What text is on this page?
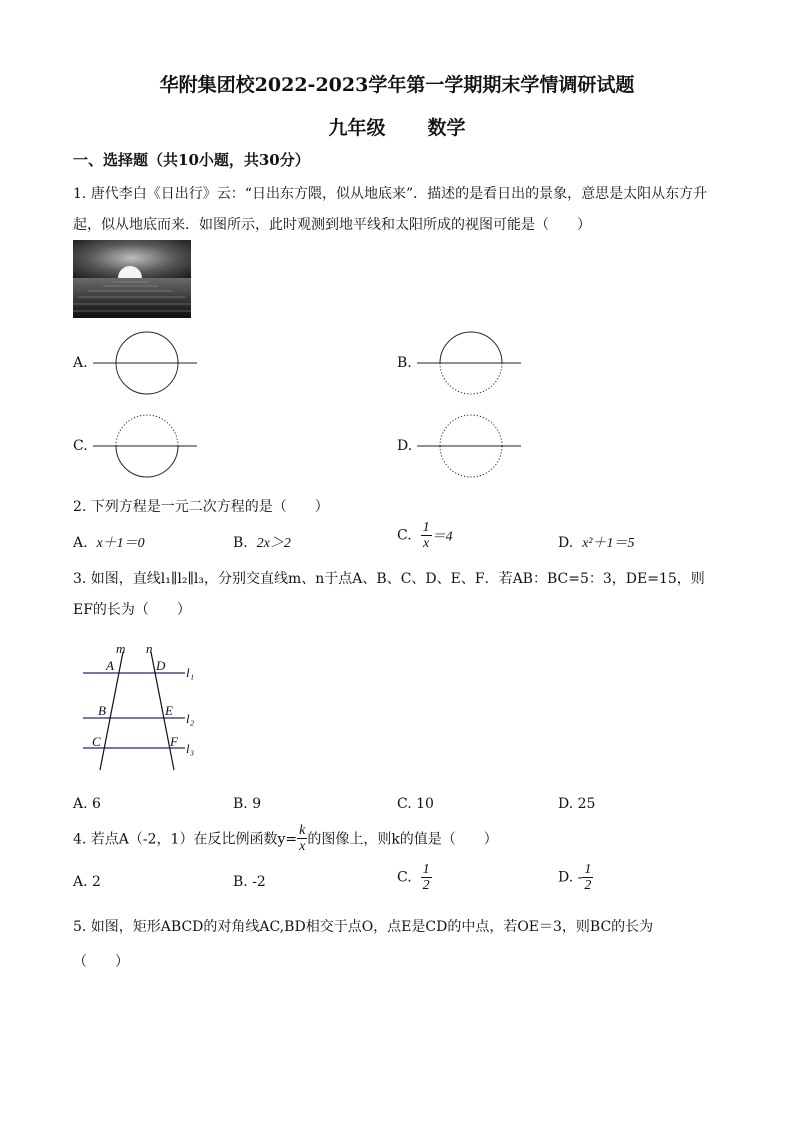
华附集团校2022-2023学年第一学期期末学情调研试题
九年级 数学
一、选择题（共10小题，共30分）
1. 唐代李白《日出行》云：“日出东方隈，似从地底来”．描述的是看日出的景象，意思是太阳从东方升
起，似从地底而来．如图所示，此时观测到地平线和太阳所成的视图可能是（　　）
A.	B.
C.	D.
2. 下列方程是一元二次方程的是（　　）
A. x＋1＝0	B. 2x＞2	C. $\frac{1}{x} =4$	D. x²＋1＝5
3. 如图，直线l₁∥l₂∥l₃，分别交直线m、n于点A、B、C、D、E、F．若AB：BC=5：3，DE=15，则
EF的长为（　　）
m n
A	D
B	E
C	F
l₁
l₂
l₃
A. 6	B. 9	C. 10	D. 25
4. 若点A（-2，1）在反比例函数$y= \frac{k}{x}$ 的图像上，则k的值是（　　）
A. 2	B. -2	C. $\frac{1}{2}$	D. - $\frac{1}{2}$
5. 如图，矩形ABCD的对角线AC,BD相交于点O，点E是CD的中点，若OE＝3，则BC的长为
（　　）
